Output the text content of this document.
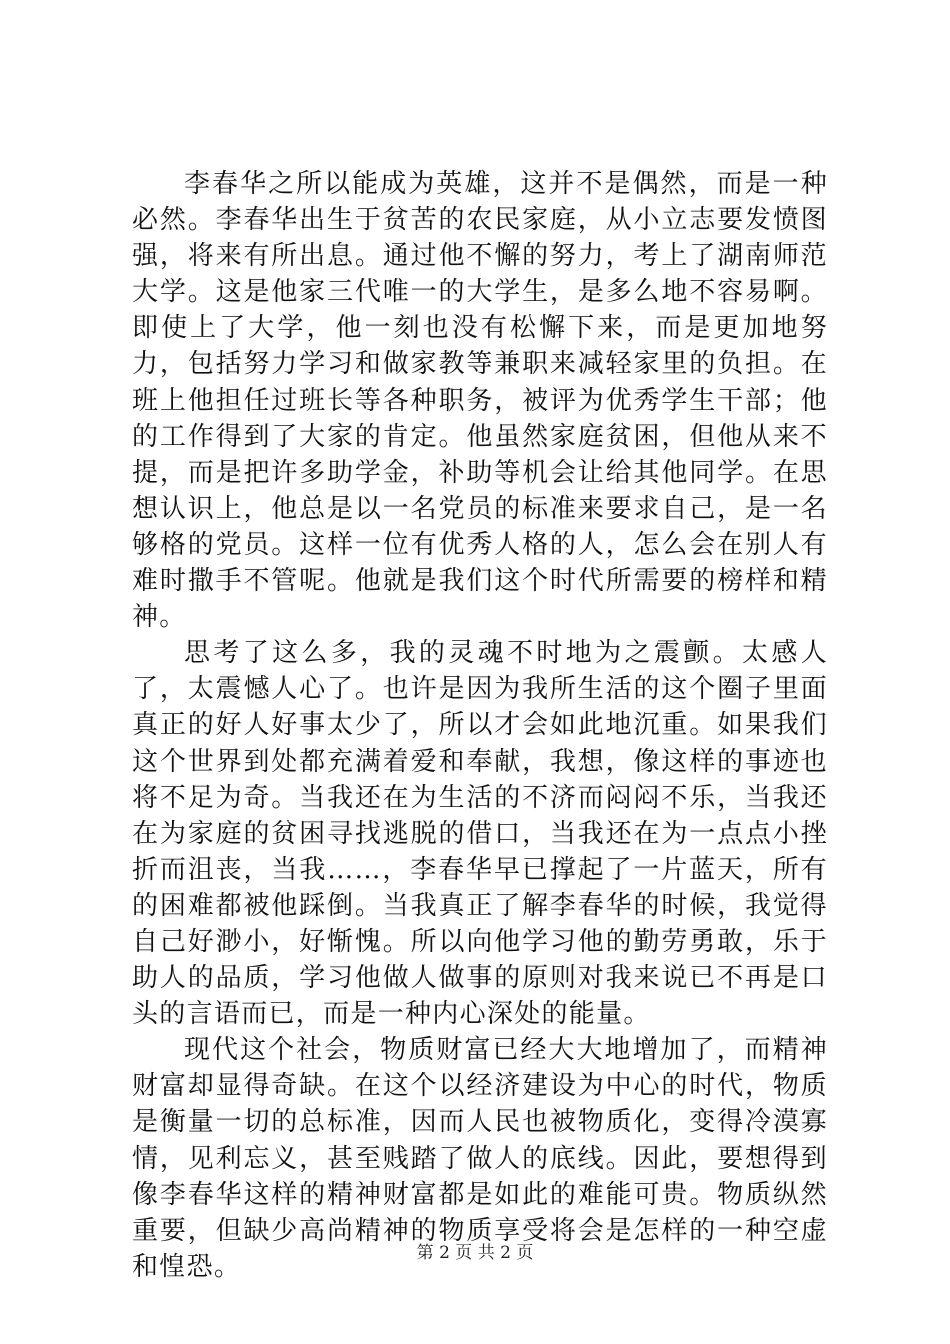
李春华之所以能成为英雄，这并不是偶然，而是一种必然。李春华出生于贫苦的农民家庭，从小立志要发愤图强，将来有所出息。通过他不懈的努力，考上了湖南师范大学。这是他家三代唯一的大学生，是多么地不容易啊。即使上了大学，他一刻也没有松懈下来，而是更加地努力，包括努力学习和做家教等兼职来减轻家里的负担。在班上他担任过班长等各种职务，被评为优秀学生干部；他的工作得到了大家的肯定。他虽然家庭贫困，但他从来不提，而是把许多助学金，补助等机会让给其他同学。在思想认识上，他总是以一名党员的标准来要求自己，是一名够格的党员。这样一位有优秀人格的人，怎么会在别人有难时撒手不管呢。他就是我们这个时代所需要的榜样和精神。

思考了这么多，我的灵魂不时地为之震颤。太感人了，太震憾人心了。也许是因为我所生活的这个圈子里面真正的好人好事太少了，所以才会如此地沉重。如果我们这个世界到处都充满着爱和奉献，我想，像这样的事迹也将不足为奇。当我还在为生活的不济而闷闷不乐，当我还在为家庭的贫困寻找逃脱的借口，当我还在为一点点小挫折而沮丧，当我……，李春华早已撑起了一片蓝天，所有的困难都被他踩倒。当我真正了解李春华的时候，我觉得自己好渺小，好惭愧。所以向他学习他的勤劳勇敢，乐于助人的品质，学习他做人做事的原则对我来说已不再是口头的言语而已，而是一种内心深处的能量。

现代这个社会，物质财富已经大大地增加了，而精神财富却显得奇缺。在这个以经济建设为中心的时代，物质是衡量一切的总标准，因而人民也被物质化，变得冷漠寡情，见利忘义，甚至贱踏了做人的底线。因此，要想得到像李春华这样的精神财富都是如此的难能可贵。物质纵然重要，但缺少高尚精神的物质享受将会是怎样的一种空虚和惶恐。	第 2 页 共 2 页
